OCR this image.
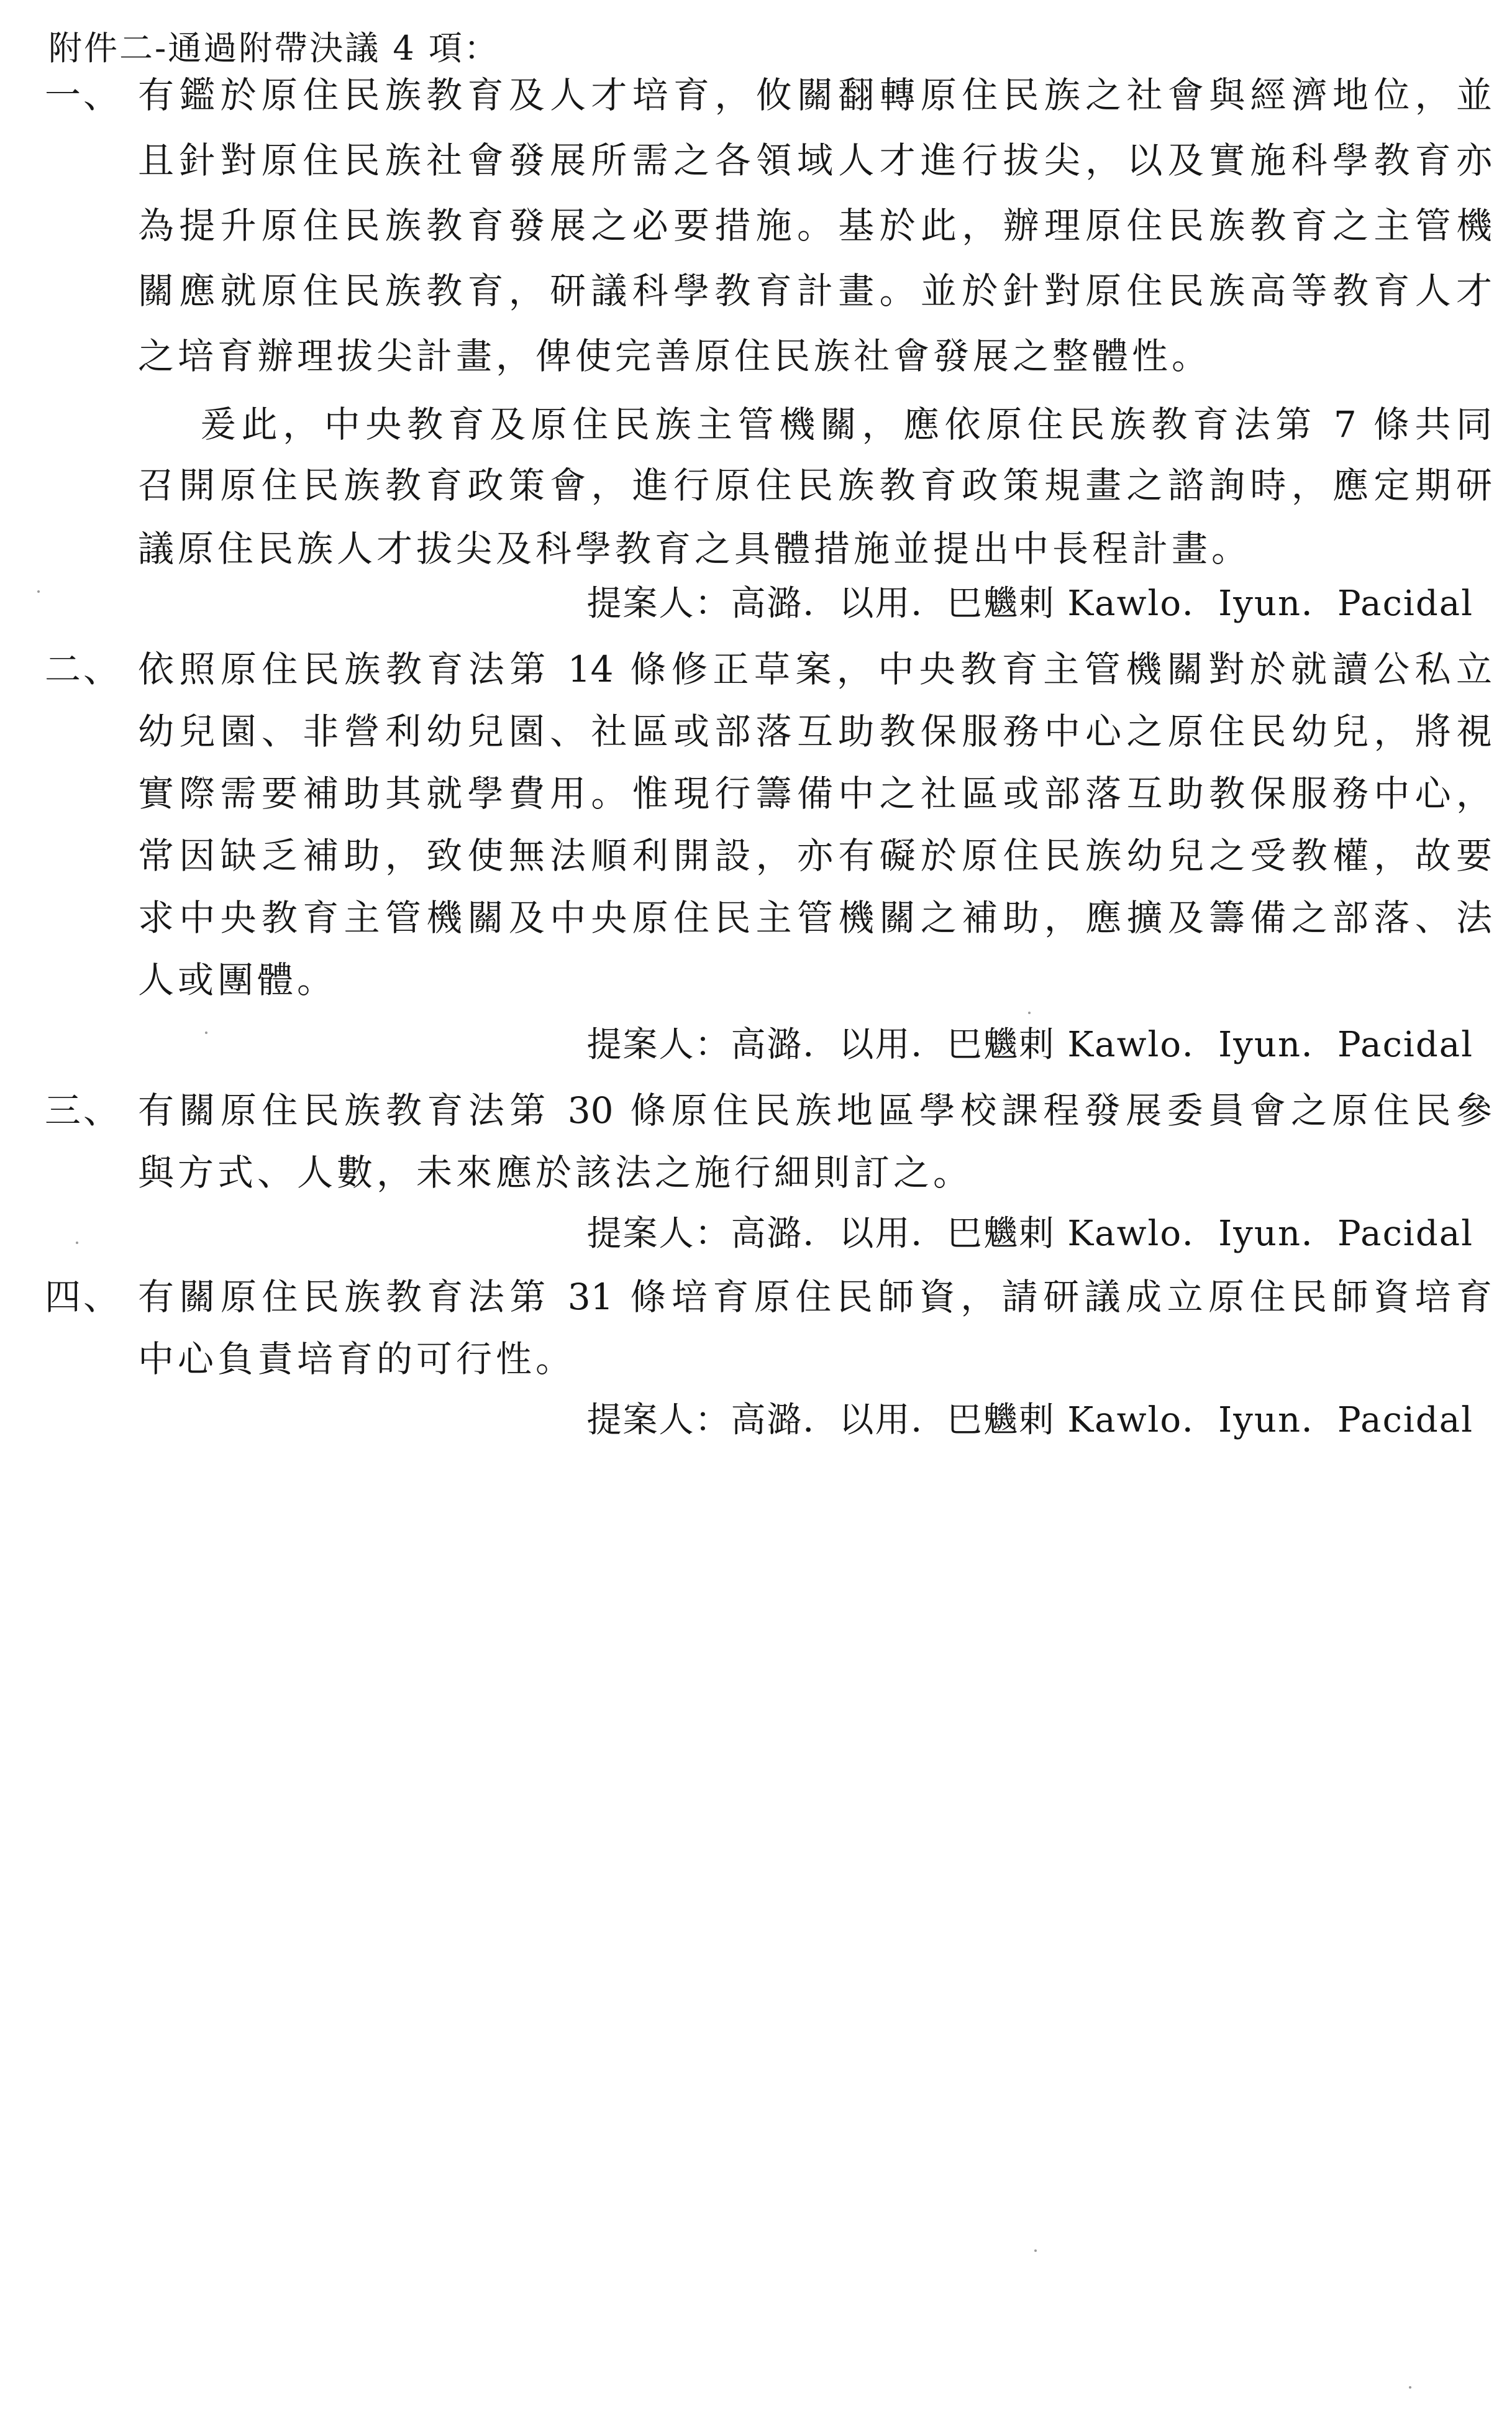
附件二-通過附帶決議 4 項：
一、 有鑑於原住民族教育及人才培育，攸關翻轉原住民族之社會與經濟地位，並
且針對原住民族社會發展所需之各領域人才進行拔尖，以及實施科學教育亦
為提升原住民族教育發展之必要措施。基於此，辦理原住民族教育之主管機
關應就原住民族教育，研議科學教育計畫。並於針對原住民族高等教育人才
之培育辦理拔尖計畫，俾使完善原住民族社會發展之整體性。
爰此，中央教育及原住民族主管機關，應依原住民族教育法第 7 條共同
召開原住民族教育政策會，進行原住民族教育政策規畫之諮詢時，應定期研
議原住民族人才拔尖及科學教育之具體措施並提出中長程計畫。
提案人：高潞．以用．巴魕剌 Kawlo．Iyun．Pacidal
二、 依照原住民族教育法第 14 條修正草案，中央教育主管機關對於就讀公私立
幼兒園、非營利幼兒園、社區或部落互助教保服務中心之原住民幼兒，將視
實際需要補助其就學費用。惟現行籌備中之社區或部落互助教保服務中心，
常因缺乏補助，致使無法順利開設，亦有礙於原住民族幼兒之受教權，故要
求中央教育主管機關及中央原住民主管機關之補助，應擴及籌備之部落、法
人或團體。
提案人：高潞．以用．巴魕剌 Kawlo．Iyun．Pacidal
三、 有關原住民族教育法第 30 條原住民族地區學校課程發展委員會之原住民參
與方式、人數，未來應於該法之施行細則訂之。
提案人：高潞．以用．巴魕剌 Kawlo．Iyun．Pacidal
四、 有關原住民族教育法第 31 條培育原住民師資，請研議成立原住民師資培育
中心負責培育的可行性。
提案人：高潞．以用．巴魕剌 Kawlo．Iyun．Pacidal
